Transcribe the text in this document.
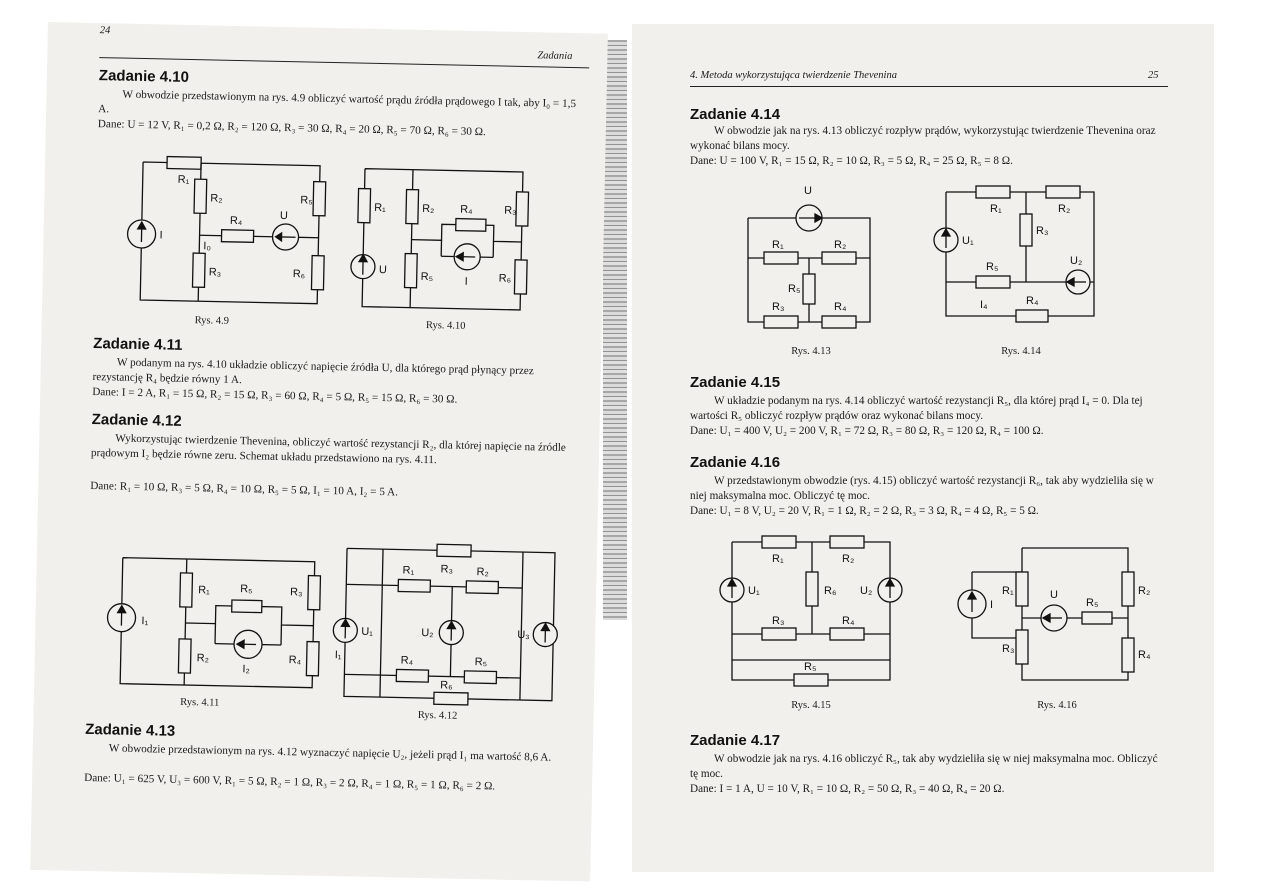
24
Zadania
Zadanie 4.10
W obwodzie przedstawionym na rys. 4.9 obliczyć wartość prądu źródła prądowego I tak, aby I₀ = 1,5 A.
Dane: U = 12 V, R₁ = 0,2 Ω, R₂ = 120 Ω, R₃ = 30 Ω, R₄ = 20 Ω, R₅ = 70 Ω, R₆ = 30 Ω.
R₁
R₂
R₃
R₄
R₅
R₆
U
I
I₀
Rys. 4.9
R₁	R₂	R₃
R₄
R₅	R₆
U
I
Rys. 4.10
Zadanie 4.11
W podanym na rys. 4.10 układzie obliczyć napięcie źródła U, dla którego prąd płynący przez rezystancję R₄ będzie równy 1 A.
Dane: I = 2 A, R₁ = 15 Ω, R₂ = 15 Ω, R₃ = 60 Ω, R₄ = 5 Ω, R₅ = 15 Ω, R₆ = 30 Ω.
Zadanie 4.12
Wykorzystując twierdzenie Thevenina, obliczyć wartość rezystancji R₂, dla której napięcie na źródle prądowym I₂ będzie równe zeru. Schemat układu przedstawiono na rys. 4.11.
Dane: R₁ = 10 Ω, R₃ = 5 Ω, R₄ = 10 Ω, R₅ = 5 Ω, I₁ = 10 A, I₂ = 5 A.
I₁
R₁
R₂
R₅	R₃
R₄
I₂
Rys. 4.11
R₁ R₃ R₂
U₁	U₂	U₃
R₄	R₅
R₆
I₁
Rys. 4.12
Zadanie 4.13
W obwodzie przedstawionym na rys. 4.12 wyznaczyć napięcie U₂, jeżeli prąd I₁ ma wartość 8,6 A.
Dane: U₁ = 625 V, U₃ = 600 V, R₁ = 5 Ω, R₂ = 1 Ω, R₃ = 2 Ω, R₄ = 1 Ω, R₅ = 1 Ω, R₆ = 2 Ω.
4. Metoda wykorzystująca twierdzenie Thevenina	25
Zadanie 4.14
W obwodzie jak na rys. 4.13 obliczyć rozpływ prądów, wykorzystując twierdzenie Thevenina oraz wykonać bilans mocy.
Dane: U = 100 V, R₁ = 15 Ω, R₂ = 10 Ω, R₃ = 5 Ω, R₄ = 25 Ω, R₅ = 8 Ω.
U
R₁	R₂
R₅
R₃	R₄
Rys. 4.13
R₁	R₂
U₁
R₃
R₅	U₂
I₄	R₄
Rys. 4.14
Zadanie 4.15
W układzie podanym na rys. 4.14 obliczyć wartość rezystancji R₅, dla której prąd I₄ = 0. Dla tej wartości R₅ obliczyć rozpływ prądów oraz wykonać bilans mocy.
Dane: U₁ = 400 V, U₂ = 200 V, R₁ = 72 Ω, R₃ = 80 Ω, R₃ = 120 Ω, R₄ = 100 Ω.
Zadanie 4.16
W przedstawionym obwodzie (rys. 4.15) obliczyć wartość rezystancji R₆, tak aby wydzieliła się w niej maksymalna moc. Obliczyć tę moc.
Dane: U₁ = 8 V, U₂ = 20 V, R₁ = 1 Ω, R₂ = 2 Ω, R₃ = 3 Ω, R₄ = 4 Ω, R₅ = 5 Ω.
R₁	R₂
U₁	R₆ U₂
R₃	R₄
R₅
Rys. 4.15
I
R₁
R₃
U
R₅
R₂
R₄
Rys. 4.16
Zadanie 4.17
W obwodzie jak na rys. 4.16 obliczyć R₅, tak aby wydzieliła się w niej maksymalna moc. Obliczyć tę moc.
Dane: I = 1 A, U = 10 V, R₁ = 10 Ω, R₂ = 50 Ω, R₃ = 40 Ω, R₄ = 20 Ω.
